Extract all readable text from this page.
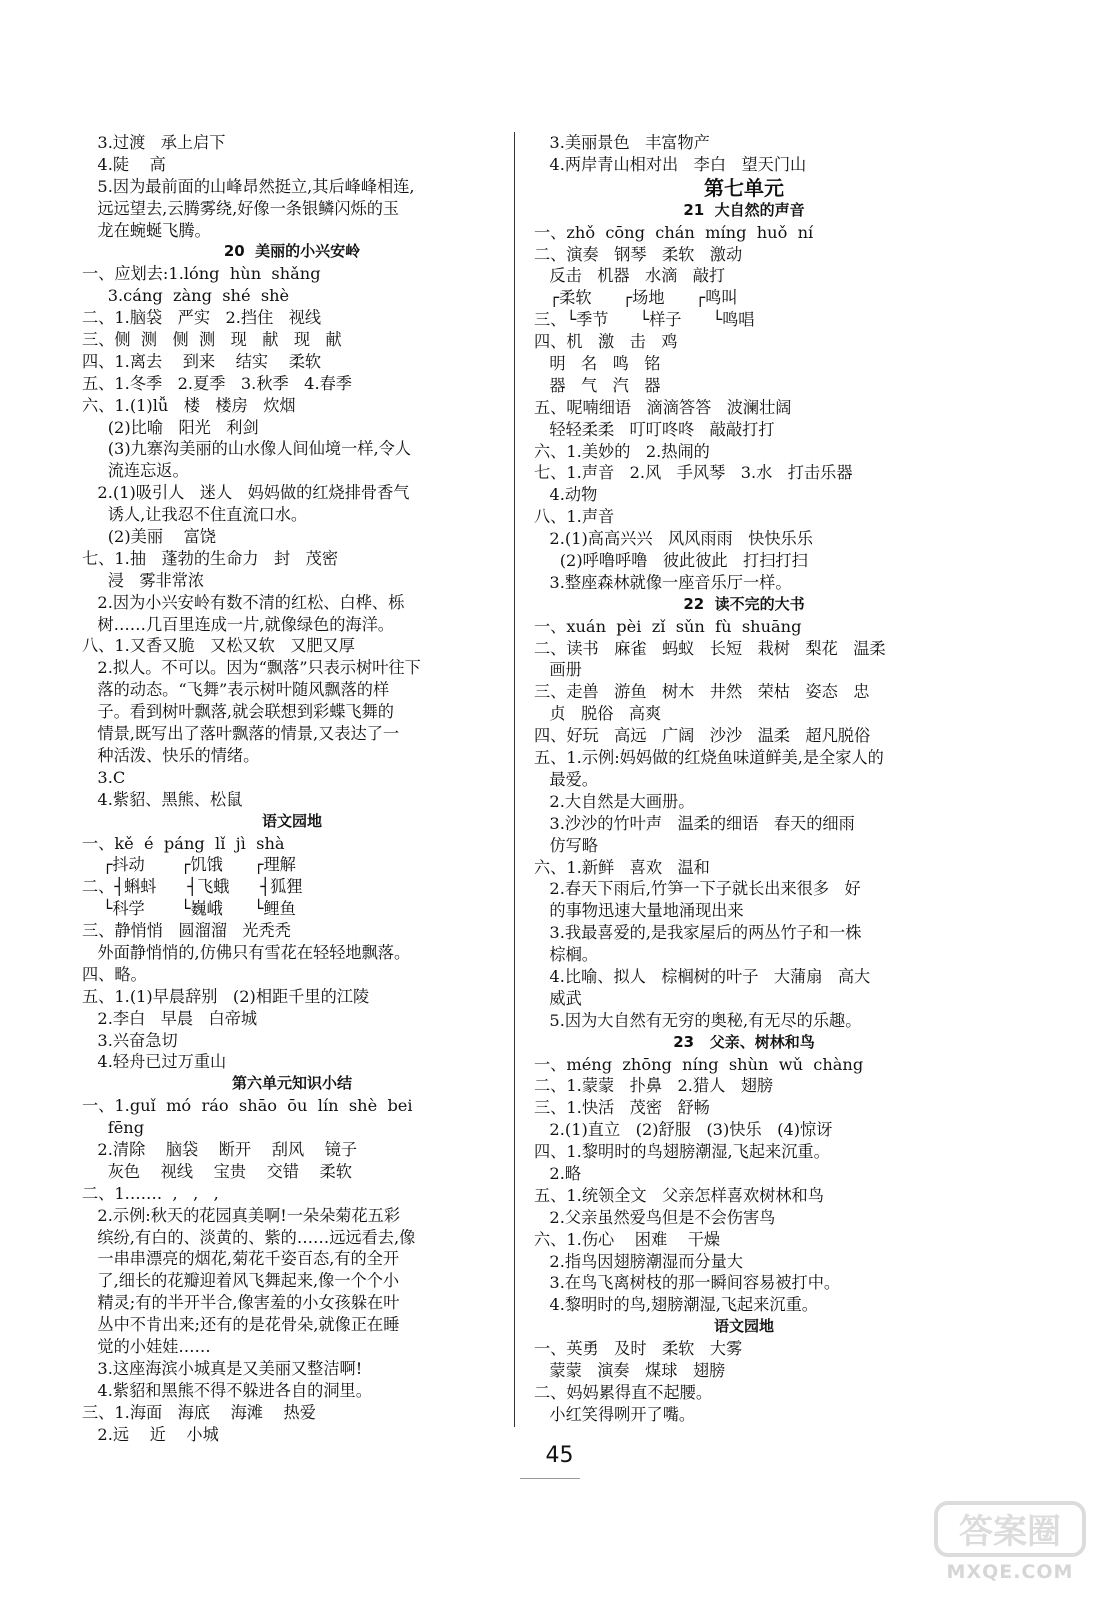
3.过渡   承上启下
4.陡    高
5.因为最前面的山峰昂然挺立,其后峰峰相连,
远远望去,云腾雾绕,好像一条银鳞闪烁的玉
龙在蜿蜒飞腾。
20  美丽的小兴安岭
一、应划去:1.lóng  hùn  shǎng
3.cáng  zàng  shé  shè
二、1.脑袋   严实   2.挡住   视线
三、侧  测   侧  测   现   献   现   献
四、1.离去    到来    结实    柔软
五、1.冬季   2.夏季   3.秋季   4.春季
六、1.(1)lǚ   楼   楼房   炊烟
(2)比喻   阳光   利剑
(3)九寨沟美丽的山水像人间仙境一样,令人
流连忘返。
2.(1)吸引人   迷人   妈妈做的红烧排骨香气
诱人,让我忍不住直流口水。
(2)美丽    富饶
七、1.抽   蓬勃的生命力   封   茂密
浸   雾非常浓
2.因为小兴安岭有数不清的红松、白桦、栎
树……几百里连成一片,就像绿色的海洋。
八、1.又香又脆   又松又软   又肥又厚
2.拟人。不可以。因为“飘落”只表示树叶往下
落的动态。“飞舞”表示树叶随风飘落的样
子。看到树叶飘落,就会联想到彩蝶飞舞的
情景,既写出了落叶飘落的情景,又表达了一
种活泼、快乐的情绪。
3.C
4.紫貂、黑熊、松鼠
语文园地
一、kě  é  páng  lǐ  jì  shà
┌抖动       ┌饥饿      ┌理解
二、┤蝌蚪      ┤飞蛾      ┤狐狸
└科学       └巍峨      └鲤鱼
三、静悄悄   圆溜溜   光秃秃
外面静悄悄的,仿佛只有雪花在轻轻地飘落。
四、略。
五、1.(1)早晨辞别   (2)相距千里的江陵
2.李白   早晨   白帝城
3.兴奋急切
4.轻舟已过万重山
第六单元知识小结
一、1.guǐ  mó  ráo  shāo  ōu  lín  shè  bei
fēng
2.清除    脑袋    断开    刮风    镜子
灰色    视线    宝贵    交错    柔软
二、1.……  ,   ,   ,
2.示例:秋天的花园真美啊!一朵朵菊花五彩
缤纷,有白的、淡黄的、紫的……远远看去,像
一串串漂亮的烟花,菊花千姿百态,有的全开
了,细长的花瓣迎着风飞舞起来,像一个个小
精灵;有的半开半合,像害羞的小女孩躲在叶
丛中不肯出来;还有的是花骨朵,就像正在睡
觉的小娃娃……
3.这座海滨小城真是又美丽又整洁啊!
4.紫貂和黑熊不得不躲进各自的洞里。
三、1.海面   海底    海滩    热爱
2.远    近    小城
3.美丽景色   丰富物产
4.两岸青山相对出   李白   望天门山
第七单元
21  大自然的声音
一、zhǒ  cōng  chán  míng  huǒ  ní
二、演奏   钢琴   柔软   激动
反击   机器   水滴   敲打
┌柔软      ┌场地      ┌鸣叫
三、└季节      └样子      └鸣唱
四、机   激   击   鸡
明   名   鸣   铭
器   气   汽   器
五、呢喃细语   滴滴答答   波澜壮阔
轻轻柔柔   叮叮咚咚   敲敲打打
六、1.美妙的   2.热闹的
七、1.声音   2.风   手风琴   3.水   打击乐器
4.动物
八、1.声音
2.(1)高高兴兴   风风雨雨   快快乐乐
(2)呼噜呼噜   彼此彼此   打扫打扫
3.整座森林就像一座音乐厅一样。
22  读不完的大书
一、xuán  pèi  zǐ  sǔn  fù  shuāng
二、读书   麻雀   蚂蚁   长短   栽树   梨花   温柔
画册
三、走兽   游鱼   树木   井然   荣枯   姿态   忠
贞   脱俗   高爽
四、好玩   高远   广阔   沙沙   温柔   超凡脱俗
五、1.示例:妈妈做的红烧鱼味道鲜美,是全家人的
最爱。
2.大自然是大画册。
3.沙沙的竹叶声   温柔的细语   春天的细雨
仿写略
六、1.新鲜   喜欢   温和
2.春天下雨后,竹笋一下子就长出来很多   好
的事物迅速大量地涌现出来
3.我最喜爱的,是我家屋后的两丛竹子和一株
棕榈。
4.比喻、拟人   棕榈树的叶子   大蒲扇   高大
威武
5.因为大自然有无穷的奥秘,有无尽的乐趣。
23   父亲、树林和鸟
一、méng  zhōng  níng  shùn  wǔ  chàng
二、1.蒙蒙   扑鼻   2.猎人   翅膀
三、1.快活   茂密   舒畅
2.(1)直立   (2)舒服   (3)快乐   (4)惊讶
四、1.黎明时的鸟翅膀潮湿,飞起来沉重。
2.略
五、1.统领全文   父亲怎样喜欢树林和鸟
2.父亲虽然爱鸟但是不会伤害鸟
六、1.伤心    困难    干燥
2.指鸟因翅膀潮湿而分量大
3.在鸟飞离树枝的那一瞬间容易被打中。
4.黎明时的鸟,翅膀潮湿,飞起来沉重。
语文园地
一、英勇   及时   柔软   大雾
蒙蒙   演奏   煤球   翅膀
二、妈妈累得直不起腰。
小红笑得咧开了嘴。
45
答案圈
MXQE.COM
